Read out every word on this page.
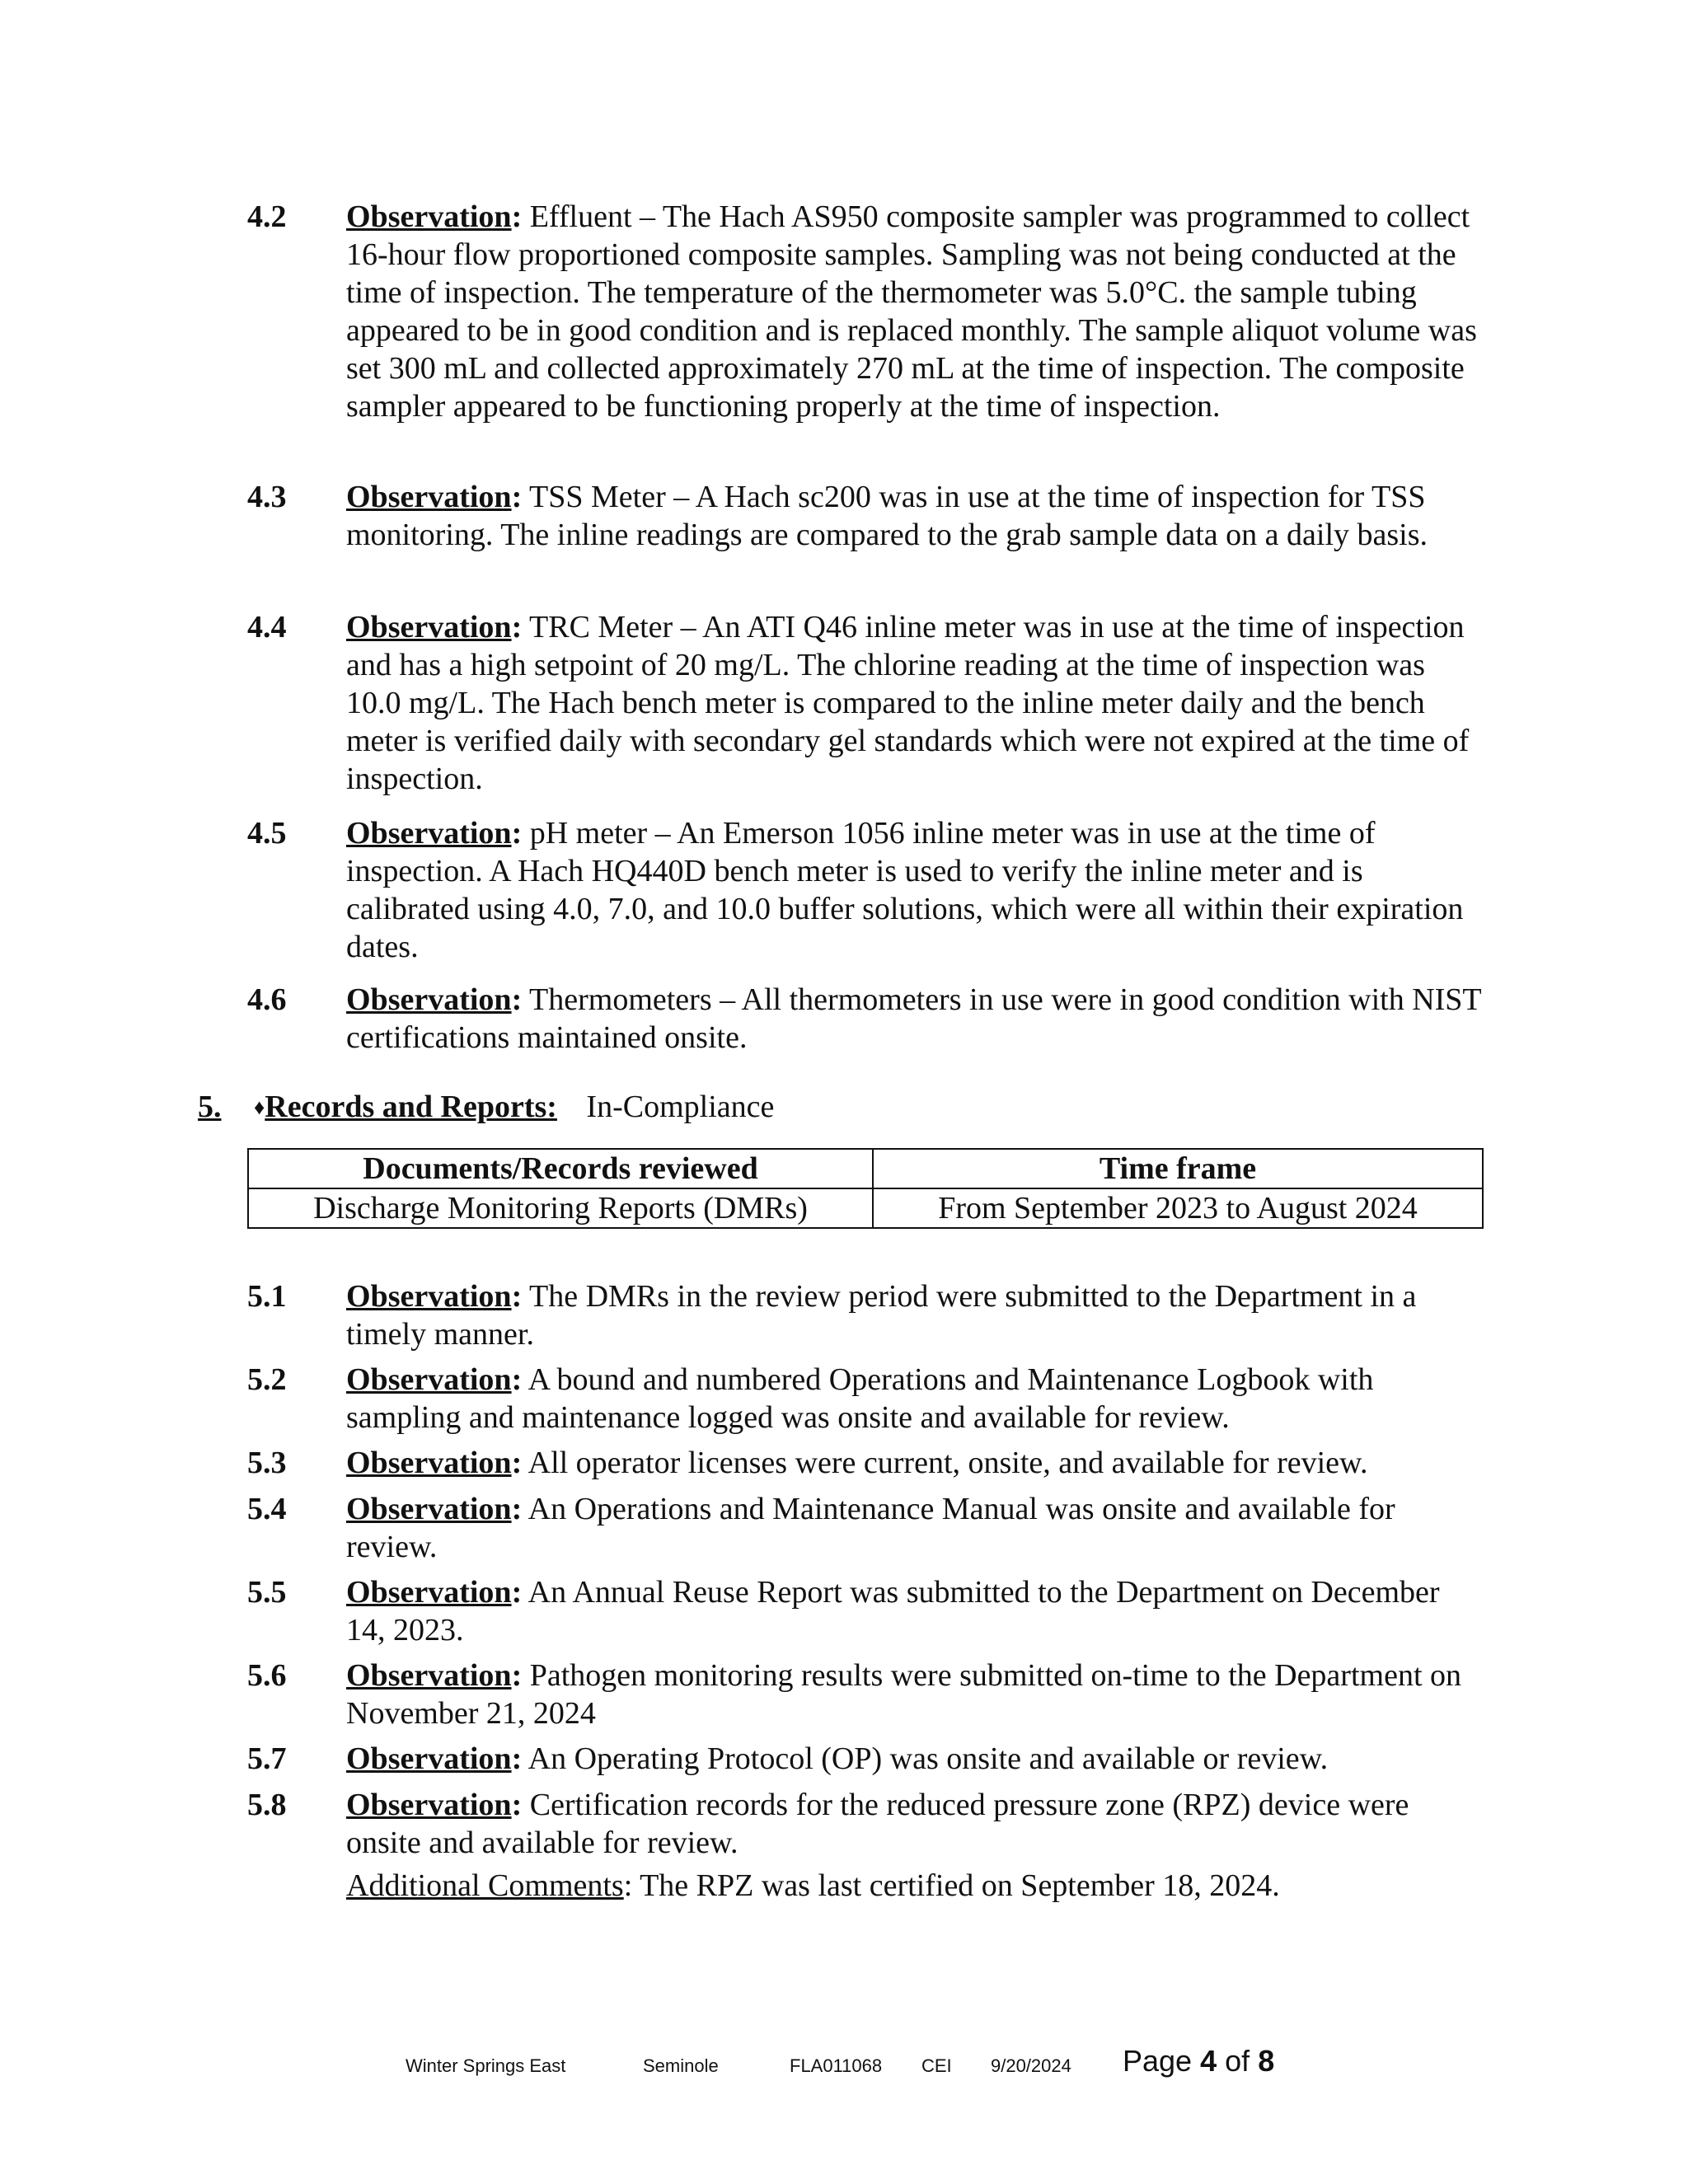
4.2 Observation: Effluent – The Hach AS950 composite sampler was programmed to collect 16-hour flow proportioned composite samples. Sampling was not being conducted at the time of inspection. The temperature of the thermometer was 5.0°C. the sample tubing appeared to be in good condition and is replaced monthly. The sample aliquot volume was set 300 mL and collected approximately 270 mL at the time of inspection. The composite sampler appeared to be functioning properly at the time of inspection.
4.3 Observation: TSS Meter – A Hach sc200 was in use at the time of inspection for TSS monitoring. The inline readings are compared to the grab sample data on a daily basis.
4.4 Observation: TRC Meter – An ATI Q46 inline meter was in use at the time of inspection and has a high setpoint of 20 mg/L. The chlorine reading at the time of inspection was 10.0 mg/L. The Hach bench meter is compared to the inline meter daily and the bench meter is verified daily with secondary gel standards which were not expired at the time of inspection.
4.5 Observation: pH meter – An Emerson 1056 inline meter was in use at the time of inspection. A Hach HQ440D bench meter is used to verify the inline meter and is calibrated using 4.0, 7.0, and 10.0 buffer solutions, which were all within their expiration dates.
4.6 Observation: Thermometers – All thermometers in use were in good condition with NIST certifications maintained onsite.
5. ♦Records and Reports: In-Compliance
Documents/Records reviewed	Time frame
Discharge Monitoring Reports (DMRs)	From September 2023 to August 2024
5.1 Observation: The DMRs in the review period were submitted to the Department in a timely manner.
5.2 Observation: A bound and numbered Operations and Maintenance Logbook with sampling and maintenance logged was onsite and available for review.
5.3 Observation: All operator licenses were current, onsite, and available for review.
5.4 Observation: An Operations and Maintenance Manual was onsite and available for review.
5.5 Observation: An Annual Reuse Report was submitted to the Department on December 14, 2023.
5.6 Observation: Pathogen monitoring results were submitted on-time to the Department on November 21, 2024
5.7 Observation: An Operating Protocol (OP) was onsite and available or review.
5.8 Observation: Certification records for the reduced pressure zone (RPZ) device were onsite and available for review.
Additional Comments: The RPZ was last certified on September 18, 2024.
Winter Springs East	Seminole	FLA011068 CEI 9/20/2024 Page 4 of 8
